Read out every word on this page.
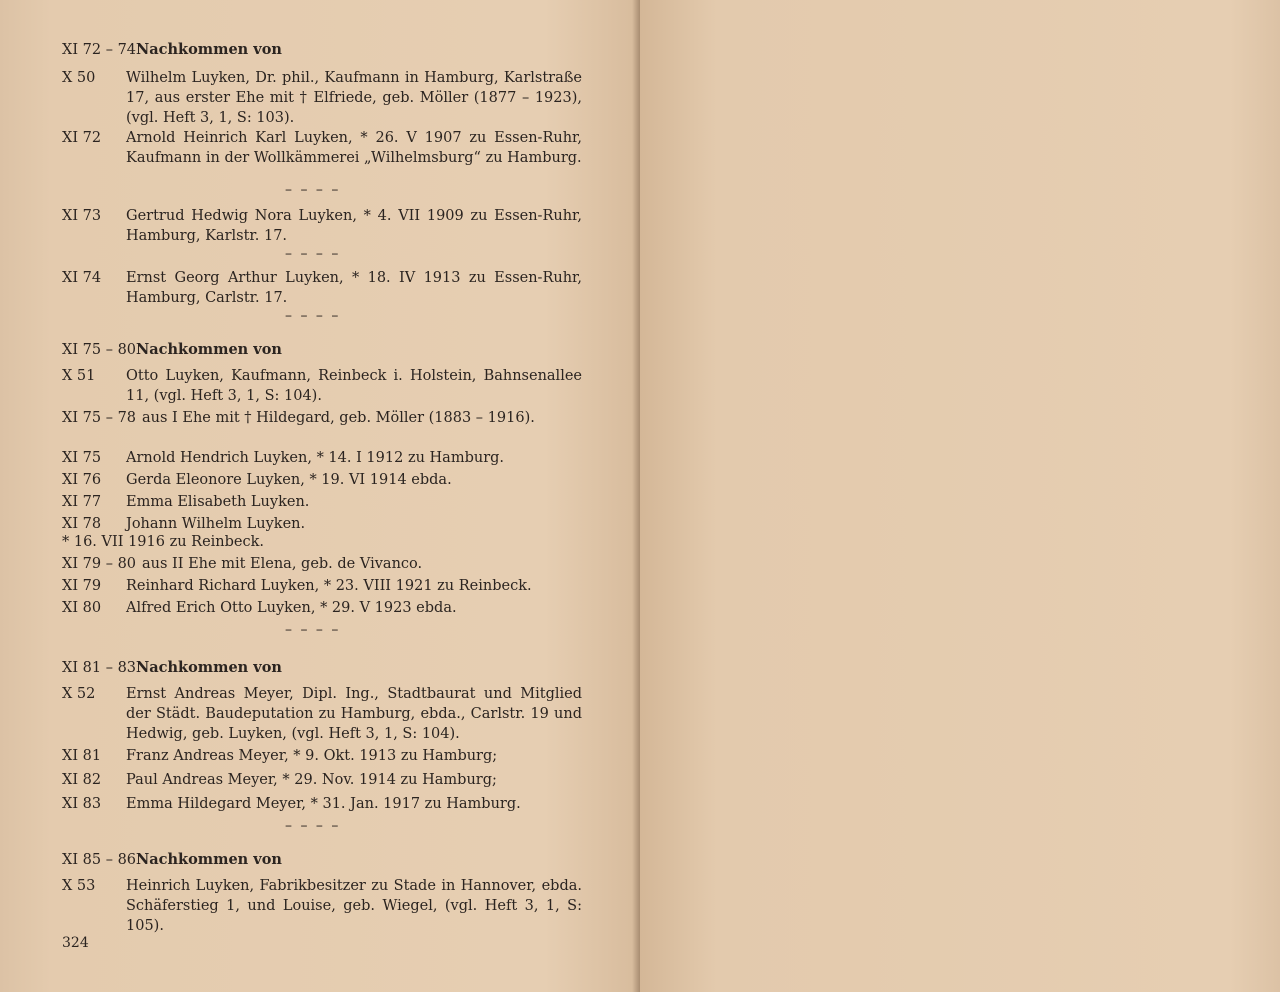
XI 72 – 74 Nachkommen von
X 50	Wilhelm Luyken, Dr. phil., Kaufmann in Hamburg, Karlstraße 17, aus erster Ehe mit † Elfriede, geb. Möller (1877 – 1923), (vgl. Heft 3, 1, S: 103).
XI 72	Arnold Heinrich Karl Luyken, * 26. V 1907 zu Essen-Ruhr, Kaufmann in der Wollkämmerei „Wilhelmsburg“ zu Hamburg.
– – – –
XI 73	Gertrud Hedwig Nora Luyken, * 4. VII 1909 zu Essen-Ruhr, Hamburg, Karlstr. 17.
– – – –
XI 74	Ernst Georg Arthur Luyken, * 18. IV 1913 zu Essen-Ruhr, Hamburg, Carlstr. 17.
– – – –
XI 75 – 80 Nachkommen von
X 51	Otto Luyken, Kaufmann, Reinbeck i. Holstein, Bahnsenallee 11, (vgl. Heft 3, 1, S: 104).
XI 75 – 78 aus I Ehe mit † Hildegard, geb. Möller (1883 – 1916).
XI 75	Arnold Hendrich Luyken, * 14. I 1912 zu Hamburg.
XI 76	Gerda Eleonore Luyken, * 19. VI 1914 ebda.
XI 77	Emma Elisabeth Luyken.
XI 78	Johann Wilhelm Luyken.
* 16. VII 1916 zu Reinbeck.
XI 79 – 80 aus II Ehe mit Elena, geb. de Vivanco.
XI 79	Reinhard Richard Luyken, * 23. VIII 1921 zu Reinbeck.
XI 80	Alfred Erich Otto Luyken, * 29. V 1923 ebda.
– – – –
XI 81 – 83 Nachkommen von
X 52	Ernst Andreas Meyer, Dipl. Ing., Stadtbaurat und Mitglied der Städt. Baudeputation zu Hamburg, ebda., Carlstr. 19 und Hedwig, geb. Luyken, (vgl. Heft 3, 1, S: 104).
XI 81	Franz Andreas Meyer, * 9. Okt. 1913 zu Hamburg;
XI 82	Paul Andreas Meyer, * 29. Nov. 1914 zu Hamburg;
XI 83	Emma Hildegard Meyer, * 31. Jan. 1917 zu Hamburg.
– – – –
XI 85 – 86 Nachkommen von
X 53	Heinrich Luyken, Fabrikbesitzer zu Stade in Hannover, ebda. Schäferstieg 1, und Louise, geb. Wiegel, (vgl. Heft 3, 1, S: 105).
324
